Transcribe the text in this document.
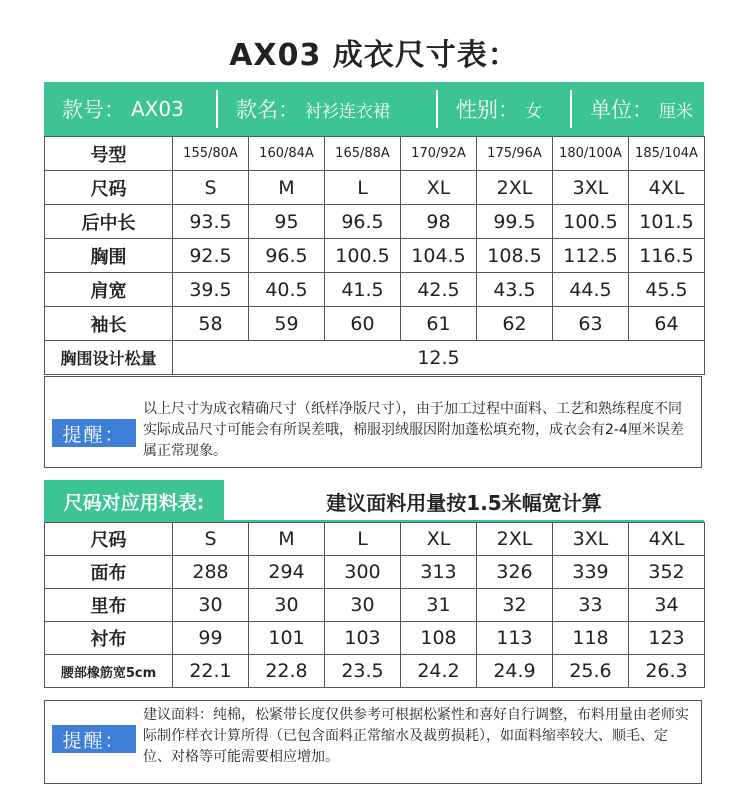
AX03 成衣尺寸表：
款号： AX03 款名： 衬衫连衣裙	性别： 女 单位： 厘米
号型	155/80A	160/84A	165/88A	170/92A	175/96A	180/100A	185/104A
尺码	S	M	L	XL	2XL	3XL	4XL
后中长	93.5	95	96.5	98	99.5	100.5	101.5
胸围	92.5	96.5	100.5	104.5	108.5	112.5	116.5
肩宽	39.5	40.5	41.5	42.5	43.5	44.5	45.5
袖长	58	59	60	61	62	63	64
胸围设计松量	12.5						
提醒：
以上尺寸为成衣精确尺寸（纸样净版尺寸），由于加工过程中面料、工艺和熟练程度不同实际成品尺寸可能会有所误差哦，棉服羽绒服因附加蓬松填充物，成衣会有2-4厘米误差属正常现象。
尺码对应用料表:	建议面料用量按1.5米幅宽计算
尺码	S	M	L	XL	2XL	3XL	4XL
面布	288	294	300	313	326	339	352
里布	30	30	30	31	32	33	34
衬布	99	101	103	108	113	118	123
腰部橡筋宽5cm	22.1	22.8	23.5	24.2	24.9	25.6	26.3
提醒：
建议面料：纯棉，松紧带长度仅供参考可根据松紧性和喜好自行调整，布料用量由老师实际制作样衣计算所得（已包含面料正常缩水及裁剪损耗），如面料缩率较大、顺毛、定位、对格等可能需要相应增加。
